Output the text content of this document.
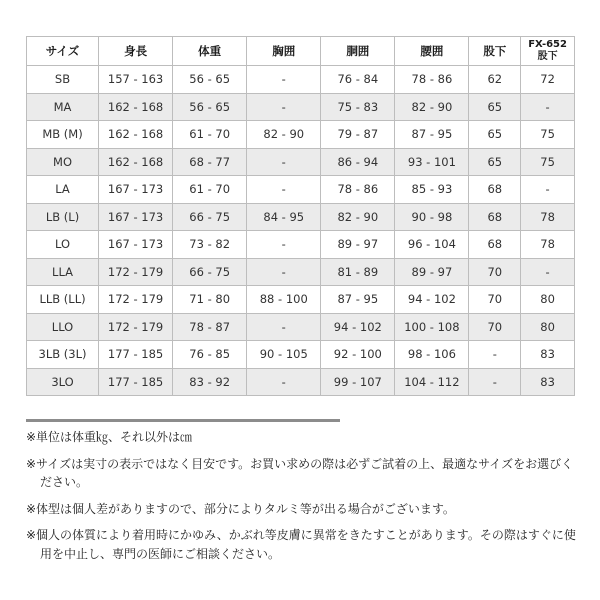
サイズ	身長	体重	胸囲	胴囲	腰囲	股下	FX-652
股下

SB	157 - 163	56 - 65	-	76 - 84	78 - 86	62	72
MA	162 - 168	56 - 65	-	75 - 83	82 - 90	65	-
MB (M)	162 - 168	61 - 70	82 - 90	79 - 87	87 - 95	65	75
MO	162 - 168	68 - 77	-	86 - 94	93 - 101	65	75
LA	167 - 173	61 - 70	-	78 - 86	85 - 93	68	-
LB (L)	167 - 173	66 - 75	84 - 95	82 - 90	90 - 98	68	78
LO	167 - 173	73 - 82	-	89 - 97	96 - 104	68	78
LLA	172 - 179	66 - 75	-	81 - 89	89 - 97	70	-
LLB (LL)	172 - 179	71 - 80	88 - 100	87 - 95	94 - 102	70	80
LLO	172 - 179	78 - 87	-	94 - 102	100 - 108	70	80
3LB (3L)	177 - 185	76 - 85	90 - 105	92 - 100	98 - 106	-	83
3LO	177 - 185	83 - 92	-	99 - 107	104 - 112	-	83

※単位は体重㎏、それ以外は㎝

※サイズは実寸の表示ではなく目安です。お買い求めの際は必ずご試着の上、最適なサイズをお選びください。

※体型は個人差がありますので、部分によりタルミ等が出る場合がございます。

※個人の体質により着用時にかゆみ、かぶれ等皮膚に異常をきたすことがあります。その際はすぐに使用を中止し、専門の医師にご相談ください。
